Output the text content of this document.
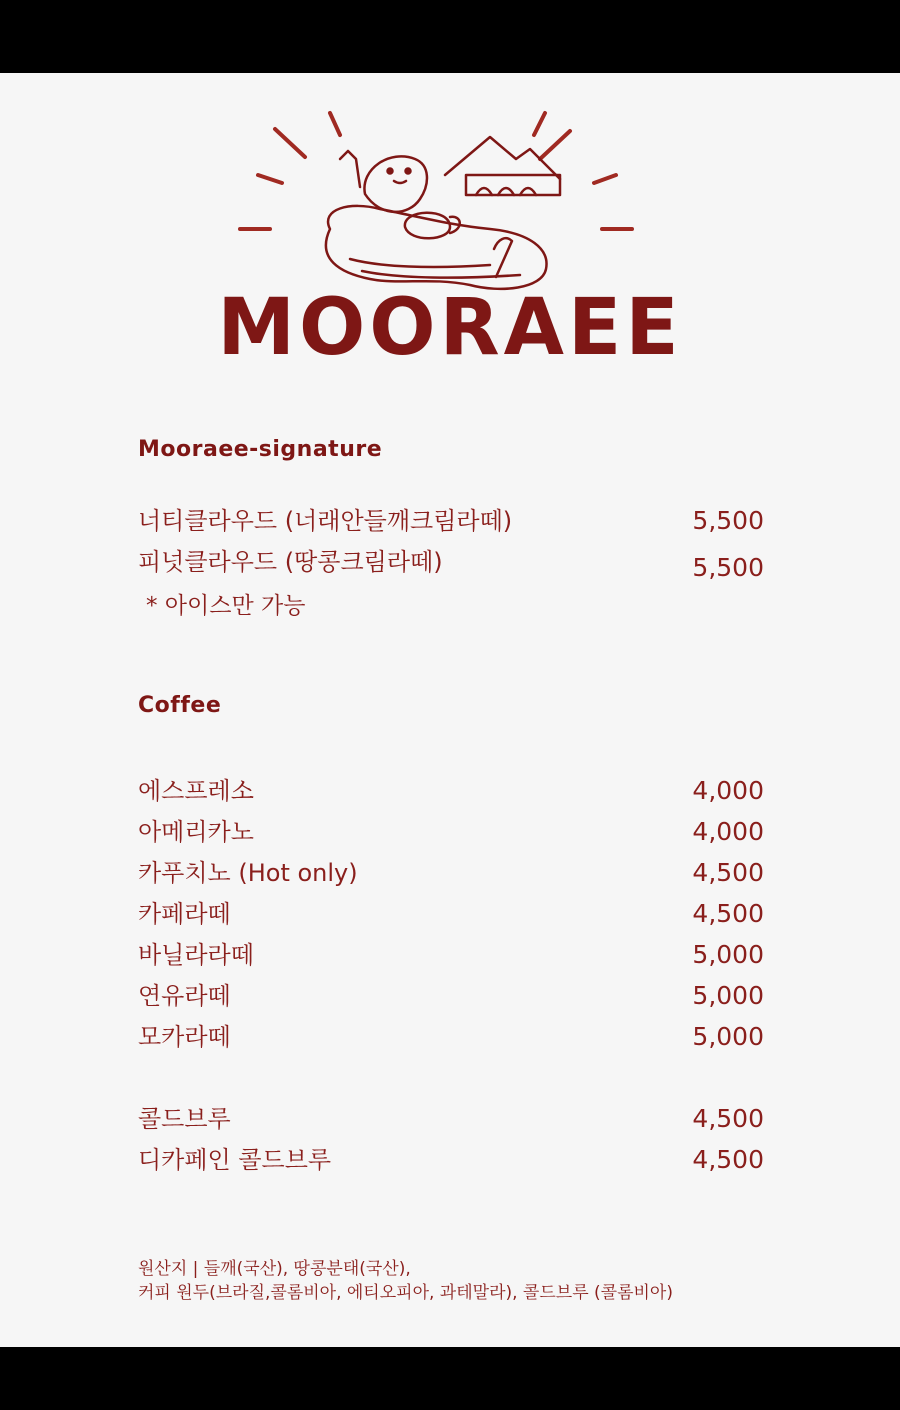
MOORAEE
Mooraee-signature
너티클라우드 (너래안들깨크림라떼)	5,500
피넛클라우드 (땅콩크림라떼)	5,500
* 아이스만 가능
Coffee
에스프레소	4,000
아메리카노	4,000
카푸치노 (Hot only)	4,500
카페라떼	4,500
바닐라라떼	5,000
연유라떼	5,000
모카라떼	5,000
콜드브루	4,500
디카페인 콜드브루	4,500
원산지 | 들깨(국산), 땅콩분태(국산),
커피 원두(브라질,콜롬비아, 에티오피아, 과테말라), 콜드브루 (콜롬비아)
